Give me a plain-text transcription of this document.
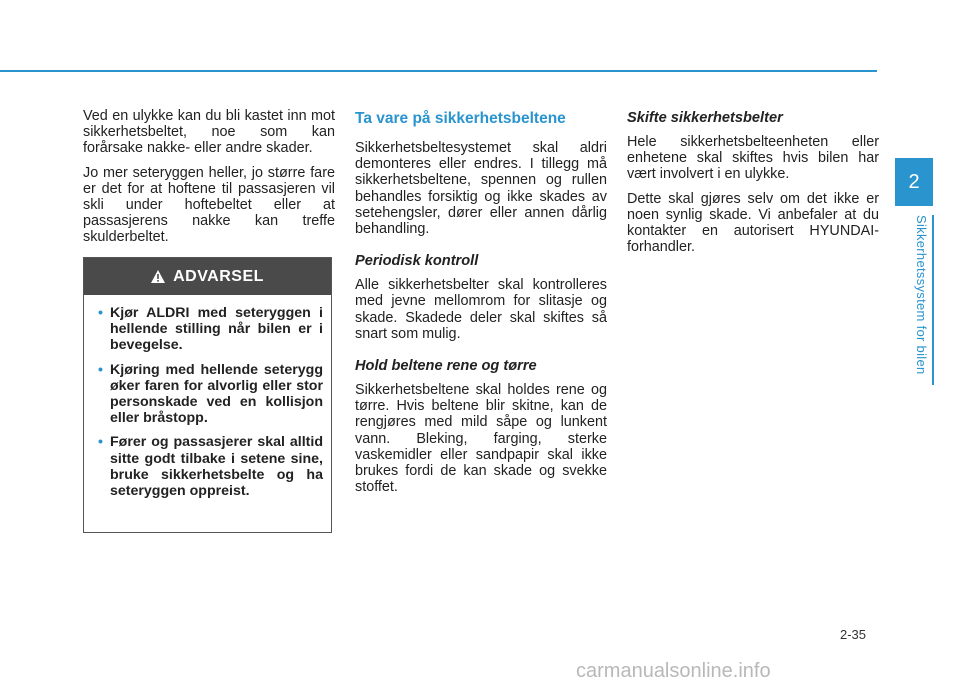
Ved en ulykke kan du bli kastet inn mot sikkerhetsbeltet, noe som kan forårsake nakke- eller andre skader.

Jo mer seteryggen heller, jo større fare er det for at hoftene til passasjeren vil skli under hoftebeltet eller at passasjerens nakke kan treffe skulderbeltet.

ADVARSEL
• Kjør ALDRI med seteryggen i hellende stilling når bilen er i bevegelse.
• Kjøring med hellende seterygg øker faren for alvorlig eller stor personskade ved en kollisjon eller bråstopp.
• Fører og passasjerer skal alltid sitte godt tilbake i setene sine, bruke sikkerhetsbelte og ha seteryggen oppreist.
Ta vare på sikkerhetsbeltene

Sikkerhetsbeltesystemet skal aldri demonteres eller endres. I tillegg må sikkerhetsbeltene, spennen og rullen behandles forsiktig og ikke skades av setehengsler, dører eller annen dårlig behandling.

Periodisk kontroll

Alle sikkerhetsbelter skal kontrolleres med jevne mellomrom for slitasje og skade. Skadede deler skal skiftes så snart som mulig.

Hold beltene rene og tørre

Sikkerhetsbeltene skal holdes rene og tørre. Hvis beltene blir skitne, kan de rengjøres med mild såpe og lunkent vann. Bleking, farging, sterke vaskemidler eller sandpapir skal ikke brukes fordi de kan skade og svekke stoffet.

Skifte sikkerhetsbelter

Hele sikkerhetsbelteenheten eller enhetene skal skiftes hvis bilen har vært involvert i en ulykke.

Dette skal gjøres selv om det ikke er noen synlig skade. Vi anbefaler at du kontakter en autorisert HYUNDAI-forhandler.

2
Sikkerhetssystem for bilen
2-35
carmanualsonline.info
